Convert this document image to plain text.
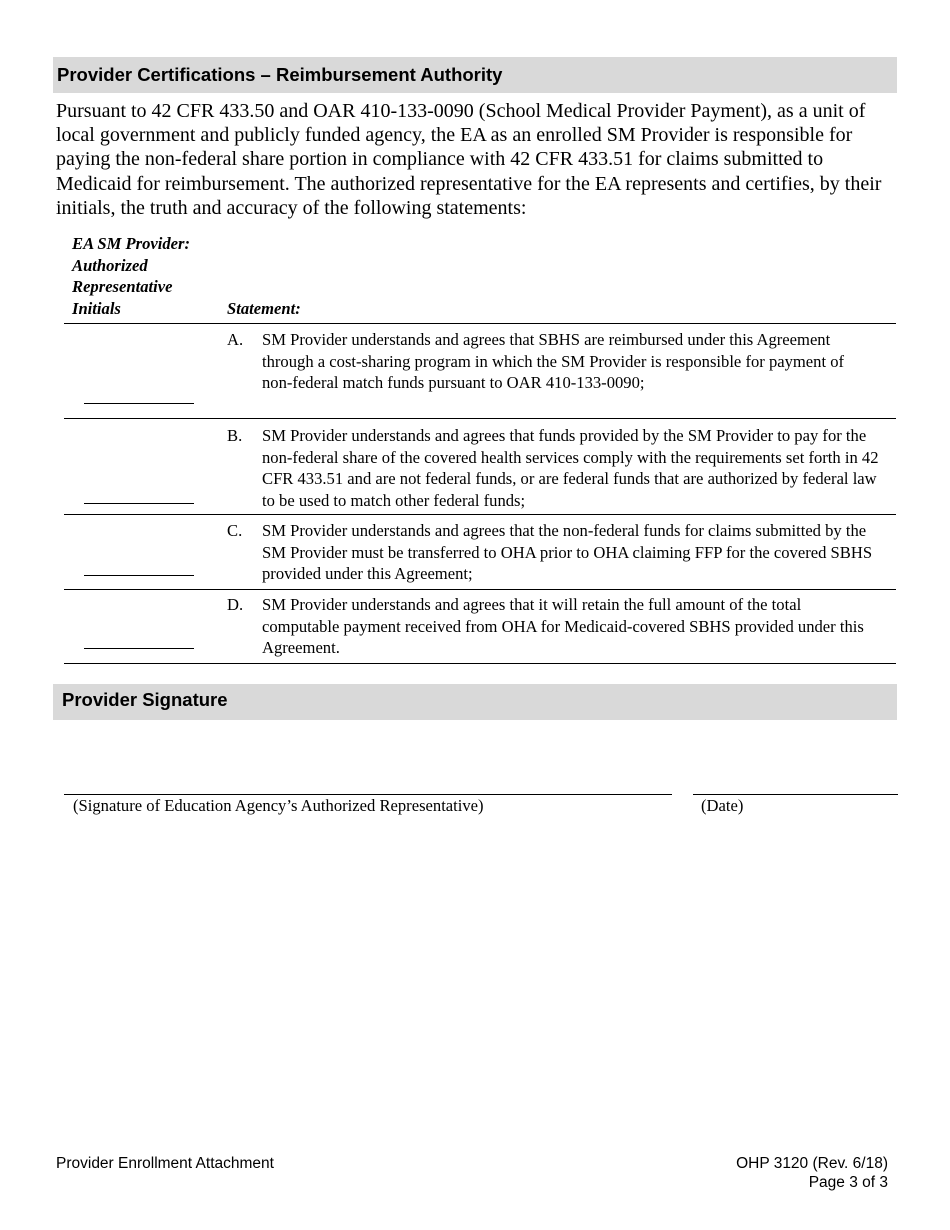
Provider Certifications – Reimbursement Authority

Pursuant to 42 CFR 433.50 and OAR 410-133-0090 (School Medical Provider Payment), as a unit of local government and publicly funded agency, the EA as an enrolled SM Provider is responsible for paying the non-federal share portion in compliance with 42 CFR 433.51 for claims submitted to Medicaid for reimbursement. The authorized representative for the EA represents and certifies, by their initials, the truth and accuracy of the following statements:

EA SM Provider: Authorized Representative Initials	Statement:
A. SM Provider understands and agrees that SBHS are reimbursed under this Agreement through a cost-sharing program in which the SM Provider is responsible for payment of non-federal match funds pursuant to OAR 410-133-0090;
B. SM Provider understands and agrees that funds provided by the SM Provider to pay for the non-federal share of the covered health services comply with the requirements set forth in 42 CFR 433.51 and are not federal funds, or are federal funds that are authorized by federal law to be used to match other federal funds;
C. SM Provider understands and agrees that the non-federal funds for claims submitted by the SM Provider must be transferred to OHA prior to OHA claiming FFP for the covered SBHS provided under this Agreement;
D. SM Provider understands and agrees that it will retain the full amount of the total computable payment received from OHA for Medicaid-covered SBHS provided under this Agreement.
Provider Signature
(Signature of Education Agency’s Authorized Representative)	(Date)
Provider Enrollment Attachment	OHP 3120 (Rev. 6/18)
Page 3 of 3
